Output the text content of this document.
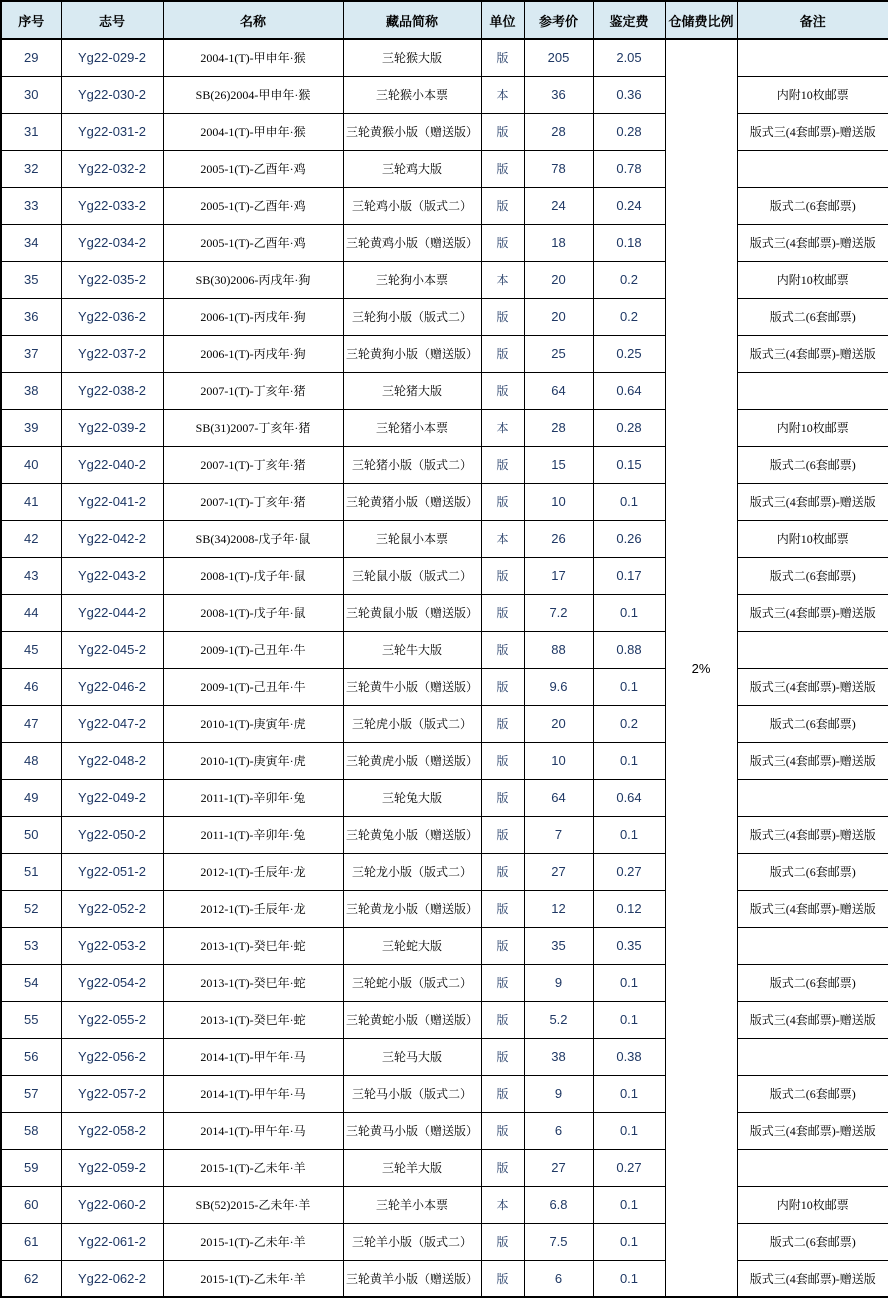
序号	志号	名称	藏品简称	单位	参考价	鉴定费	仓储费比例	备注
29	Yg22-029-2	2004-1(T)-甲申年·猴	三轮猴大版	版	205	2.05	2%	
30	Yg22-030-2	SB(26)2004-甲申年·猴	三轮猴小本票	本	36	0.36		内附10枚邮票
31	Yg22-031-2	2004-1(T)-甲申年·猴	三轮黄猴小版（赠送版）	版	28	0.28		版式三(4套邮票)-赠送版
32	Yg22-032-2	2005-1(T)-乙酉年·鸡	三轮鸡大版	版	78	0.78		
33	Yg22-033-2	2005-1(T)-乙酉年·鸡	三轮鸡小版（版式二）	版	24	0.24		版式二(6套邮票)
34	Yg22-034-2	2005-1(T)-乙酉年·鸡	三轮黄鸡小版（赠送版）	版	18	0.18		版式三(4套邮票)-赠送版
35	Yg22-035-2	SB(30)2006-丙戌年·狗	三轮狗小本票	本	20	0.2		内附10枚邮票
36	Yg22-036-2	2006-1(T)-丙戌年·狗	三轮狗小版（版式二）	版	20	0.2		版式二(6套邮票)
37	Yg22-037-2	2006-1(T)-丙戌年·狗	三轮黄狗小版（赠送版）	版	25	0.25		版式三(4套邮票)-赠送版
38	Yg22-038-2	2007-1(T)-丁亥年·猪	三轮猪大版	版	64	0.64		
39	Yg22-039-2	SB(31)2007-丁亥年·猪	三轮猪小本票	本	28	0.28		内附10枚邮票
40	Yg22-040-2	2007-1(T)-丁亥年·猪	三轮猪小版（版式二）	版	15	0.15		版式二(6套邮票)
41	Yg22-041-2	2007-1(T)-丁亥年·猪	三轮黄猪小版（赠送版）	版	10	0.1		版式三(4套邮票)-赠送版
42	Yg22-042-2	SB(34)2008-戊子年·鼠	三轮鼠小本票	本	26	0.26		内附10枚邮票
43	Yg22-043-2	2008-1(T)-戊子年·鼠	三轮鼠小版（版式二）	版	17	0.17		版式二(6套邮票)
44	Yg22-044-2	2008-1(T)-戊子年·鼠	三轮黄鼠小版（赠送版）	版	7.2	0.1		版式三(4套邮票)-赠送版
45	Yg22-045-2	2009-1(T)-己丑年·牛	三轮牛大版	版	88	0.88		
46	Yg22-046-2	2009-1(T)-己丑年·牛	三轮黄牛小版（赠送版）	版	9.6	0.1		版式三(4套邮票)-赠送版
47	Yg22-047-2	2010-1(T)-庚寅年·虎	三轮虎小版（版式二）	版	20	0.2		版式二(6套邮票)
48	Yg22-048-2	2010-1(T)-庚寅年·虎	三轮黄虎小版（赠送版）	版	10	0.1		版式三(4套邮票)-赠送版
49	Yg22-049-2	2011-1(T)-辛卯年·兔	三轮兔大版	版	64	0.64		
50	Yg22-050-2	2011-1(T)-辛卯年·兔	三轮黄兔小版（赠送版）	版	7	0.1		版式三(4套邮票)-赠送版
51	Yg22-051-2	2012-1(T)-壬辰年·龙	三轮龙小版（版式二）	版	27	0.27		版式二(6套邮票)
52	Yg22-052-2	2012-1(T)-壬辰年·龙	三轮黄龙小版（赠送版）	版	12	0.12		版式三(4套邮票)-赠送版
53	Yg22-053-2	2013-1(T)-癸巳年·蛇	三轮蛇大版	版	35	0.35		
54	Yg22-054-2	2013-1(T)-癸巳年·蛇	三轮蛇小版（版式二）	版	9	0.1		版式二(6套邮票)
55	Yg22-055-2	2013-1(T)-癸巳年·蛇	三轮黄蛇小版（赠送版）	版	5.2	0.1		版式三(4套邮票)-赠送版
56	Yg22-056-2	2014-1(T)-甲午年·马	三轮马大版	版	38	0.38		
57	Yg22-057-2	2014-1(T)-甲午年·马	三轮马小版（版式二）	版	9	0.1		版式二(6套邮票)
58	Yg22-058-2	2014-1(T)-甲午年·马	三轮黄马小版（赠送版）	版	6	0.1		版式三(4套邮票)-赠送版
59	Yg22-059-2	2015-1(T)-乙未年·羊	三轮羊大版	版	27	0.27		
60	Yg22-060-2	SB(52)2015-乙未年·羊	三轮羊小本票	本	6.8	0.1		内附10枚邮票
61	Yg22-061-2	2015-1(T)-乙未年·羊	三轮羊小版（版式二）	版	7.5	0.1		版式二(6套邮票)
62	Yg22-062-2	2015-1(T)-乙未年·羊	三轮黄羊小版（赠送版）	版	6	0.1		版式三(4套邮票)-赠送版
